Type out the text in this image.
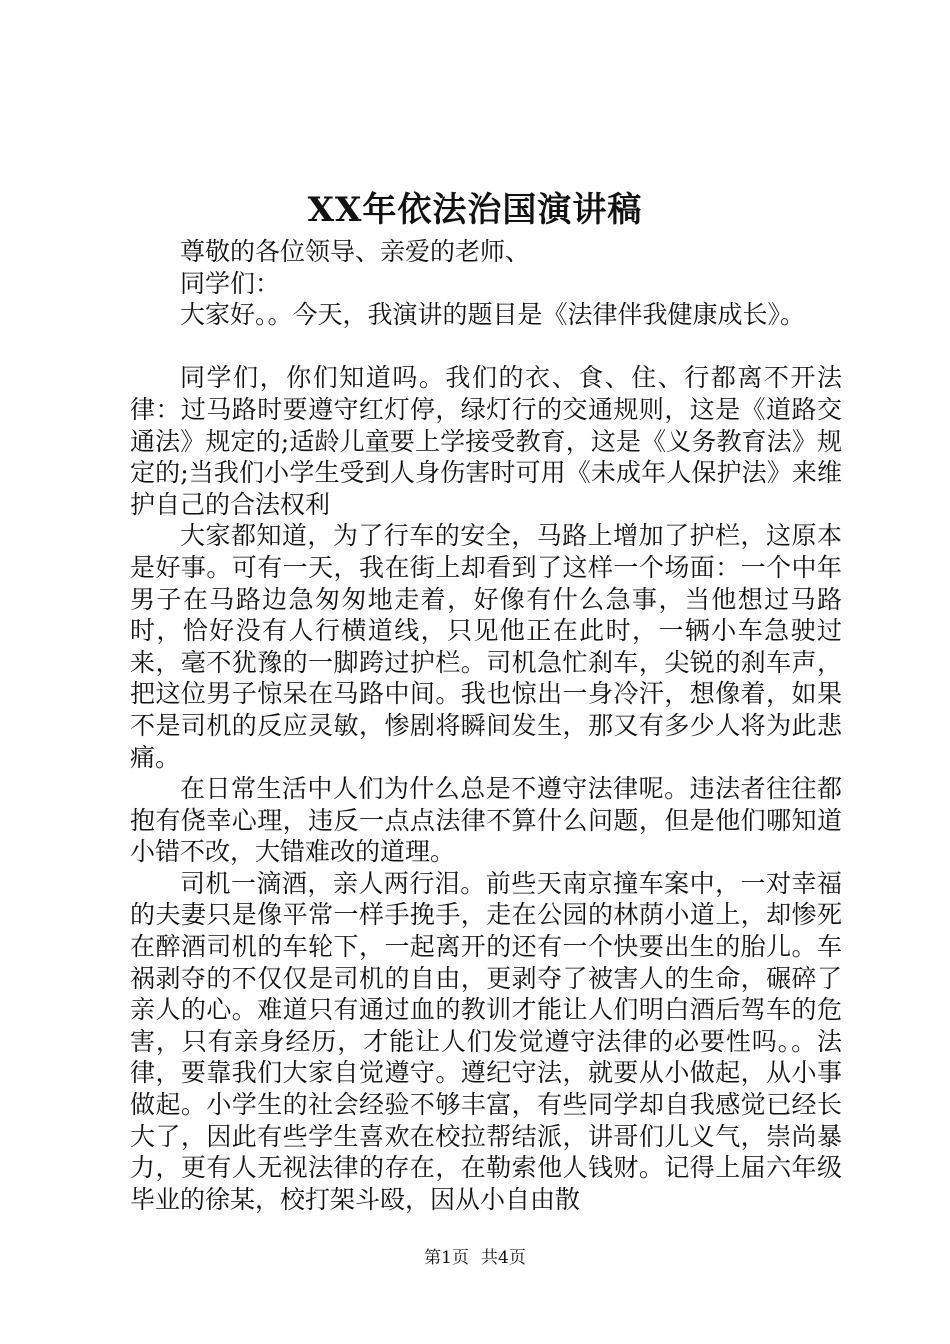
XX年依法治国演讲稿

尊敬的各位领导、亲爱的老师、

同学们：

大家好。。今天，我演讲的题目是《法律伴我健康成长》。

同学们，你们知道吗。我们的衣、食、住、行都离不开法律：过马路时要遵守红灯停，绿灯行的交通规则，这是《道路交通法》规定的;适龄儿童要上学接受教育，这是《义务教育法》规定的;当我们小学生受到人身伤害时可用《未成年人保护法》来维护自己的合法权利

大家都知道，为了行车的安全，马路上增加了护栏，这原本是好事。可有一天，我在街上却看到了这样一个场面：一个中年男子在马路边急匆匆地走着，好像有什么急事，当他想过马路时，恰好没有人行横道线，只见他正在此时，一辆小车急驶过来，毫不犹豫的一脚跨过护栏。司机急忙刹车，尖锐的刹车声，把这位男子惊呆在马路中间。我也惊出一身冷汗，想像着，如果不是司机的反应灵敏，惨剧将瞬间发生，那又有多少人将为此悲痛。

在日常生活中人们为什么总是不遵守法律呢。违法者往往都抱有侥幸心理，违反一点点法律不算什么问题，但是他们哪知道小错不改，大错难改的道理。

司机一滴酒，亲人两行泪。前些天南京撞车案中，一对幸福的夫妻只是像平常一样手挽手，走在公园的林荫小道上，却惨死在醉酒司机的车轮下，一起离开的还有一个快要出生的胎儿。车祸剥夺的不仅仅是司机的自由，更剥夺了被害人的生命，碾碎了亲人的心。难道只有通过血的教训才能让人们明白酒后驾车的危害，只有亲身经历，才能让人们发觉遵守法律的必要性吗。。法律，要靠我们大家自觉遵守。遵纪守法，就要从小做起，从小事做起。小学生的社会经验不够丰富，有些同学却自我感觉已经长大了，因此有些学生喜欢在校拉帮结派，讲哥们儿义气，崇尚暴力，更有人无视法律的存在，在勒索他人钱财。记得上届六年级毕业的徐某，校打架斗殴，因从小自由散

第1页 共4页
